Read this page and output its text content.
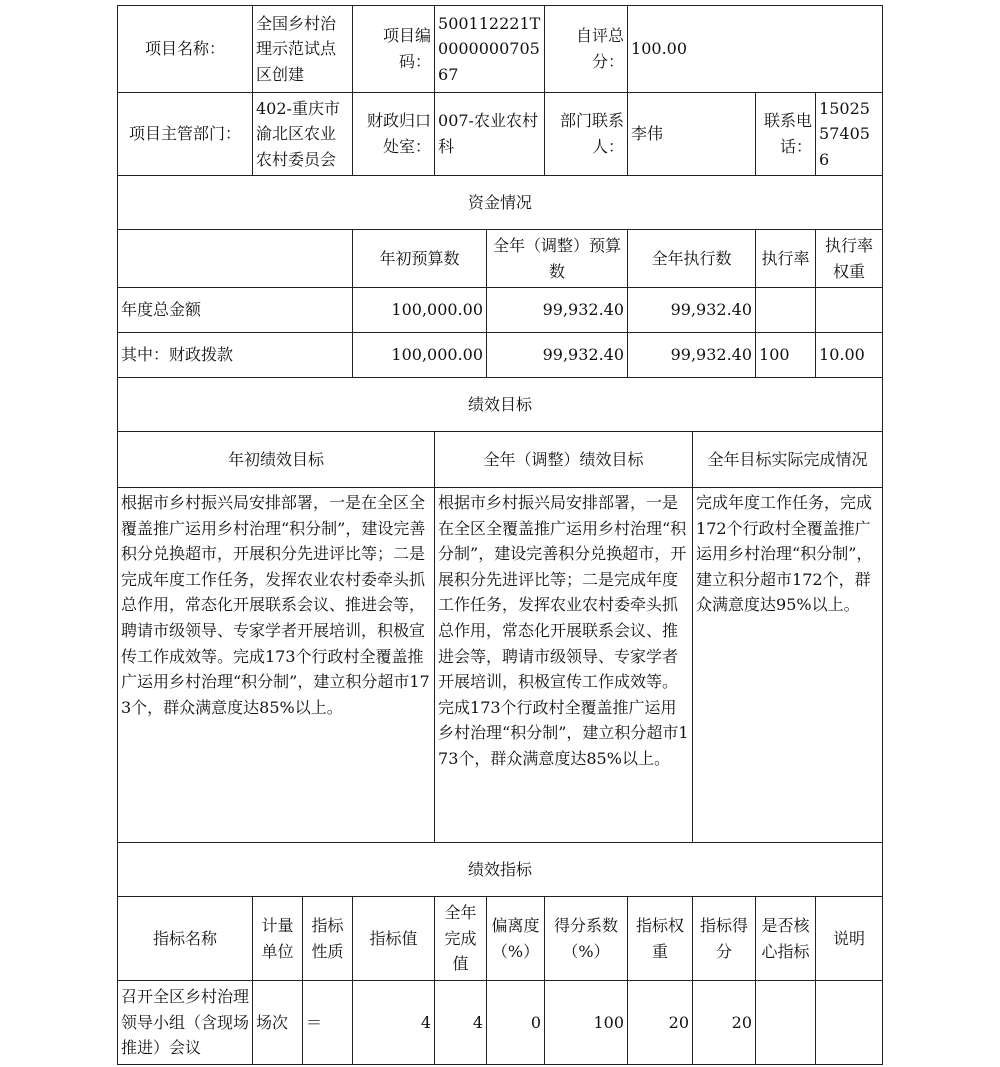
项目名称：	全国乡村治理示范试点区创建		项目编码：	500112221T000000070567		自评总分：	100.00			
项目主管部门：	402-重庆市渝北区农业农村委员会		财政归口处室：	007-农业农村科		部门联系人：	李伟		联系电话：	15025574056
资金情况										
			年初预算数		全年（调整）预算数		全年执行数		执行率	执行率权重
年度总金额			100,000.00		99,932.40		99,932.40			
其中：财政拨款			100,000.00		99,932.40		99,932.40		100	10.00
绩效目标										
年初绩效目标				全年（调整）绩效目标				全年目标实际完成情况		
根据市乡村振兴局安排部署，一是在全区全覆盖推广运用乡村治理“积分制”，建设完善积分兑换超市，开展积分先进评比等；二是完成年度工作任务，发挥农业农村委牵头抓总作用，常态化开展联系会议、推进会等，聘请市级领导、专家学者开展培训，积极宣传工作成效等。完成173个行政村全覆盖推广运用乡村治理“积分制”，建立积分超市173个，群众满意度达85%以上。				根据市乡村振兴局安排部署，一是在全区全覆盖推广运用乡村治理“积分制”，建设完善积分兑换超市，开展积分先进评比等；二是完成年度工作任务，发挥农业农村委牵头抓总作用，常态化开展联系会议、推进会等，聘请市级领导、专家学者开展培训，积极宣传工作成效等。完成173个行政村全覆盖推广运用乡村治理“积分制”，建立积分超市173个，群众满意度达85%以上。				完成年度工作任务，完成172个行政村全覆盖推广运用乡村治理“积分制”，建立积分超市172个，群众满意度达95%以上。		
绩效指标										
指标名称	计量单位	指标性质	指标值	全年完成值	偏离度（%）	得分系数（%）	指标权重	指标得分	是否核心指标	说明
召开全区乡村治理领导小组（含现场推进）会议	场次	＝	4	4	0	100	20	20		
